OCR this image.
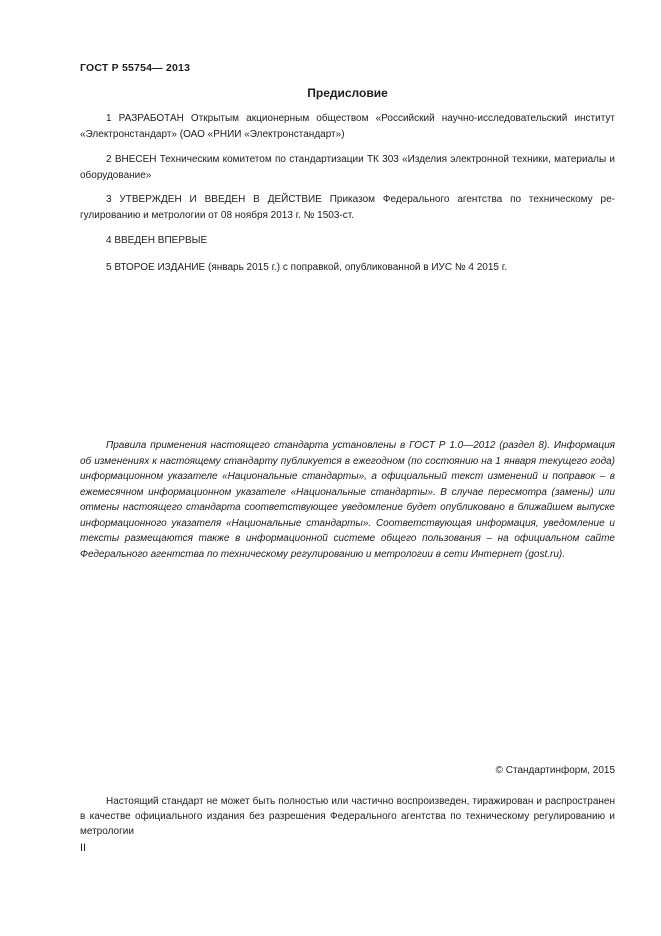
ГОСТ Р 55754— 2013
Предисловие
1 РАЗРАБОТАН Открытым акционерным обществом «Российский научно-исследовательский институт «Электронстандарт» (ОАО «РНИИ «Электронстандарт»)
2 ВНЕСЕН Техническим комитетом по стандартизации ТК 303 «Изделия электронной техники, материалы и оборудование»
3 УТВЕРЖДЕН И ВВЕДЕН В ДЕЙСТВИЕ Приказом Федерального агентства по техническому регулированию и метрологии от 08 ноября 2013 г. № 1503-ст.
4 ВВЕДЕН ВПЕРВЫЕ
5 ВТОРОЕ ИЗДАНИЕ (январь 2015 г.) с поправкой, опубликованной в ИУС № 4 2015 г.
Правила применения настоящего стандарта установлены в ГОСТ Р 1.0—2012 (раздел 8). Информация об изменениях к настоящему стандарту публикуется в ежегодном (по состоянию на 1 января текущего года) информационном указателе «Национальные стандарты», а официальный текст изменений и поправок – в ежемесячном информационном указателе «Национальные стандарты». В случае пересмотра (замены) или отмены настоящего стандарта соответствующее уведомление будет опубликовано в ближайшем выпуске информационного указателя «Национальные стандарты». Соответствующая информация, уведомление и тексты размещаются также в информационной системе общего пользования – на официальном сайте Федерального агентства по техническому регулированию и метрологии в сети Интернет (gost.ru).
© Стандартинформ, 2015
Настоящий стандарт не может быть полностью или частично воспроизведен, тиражирован и распространен в качестве официального издания без разрешения Федерального агентства по техническому регулированию и метрологии
II
